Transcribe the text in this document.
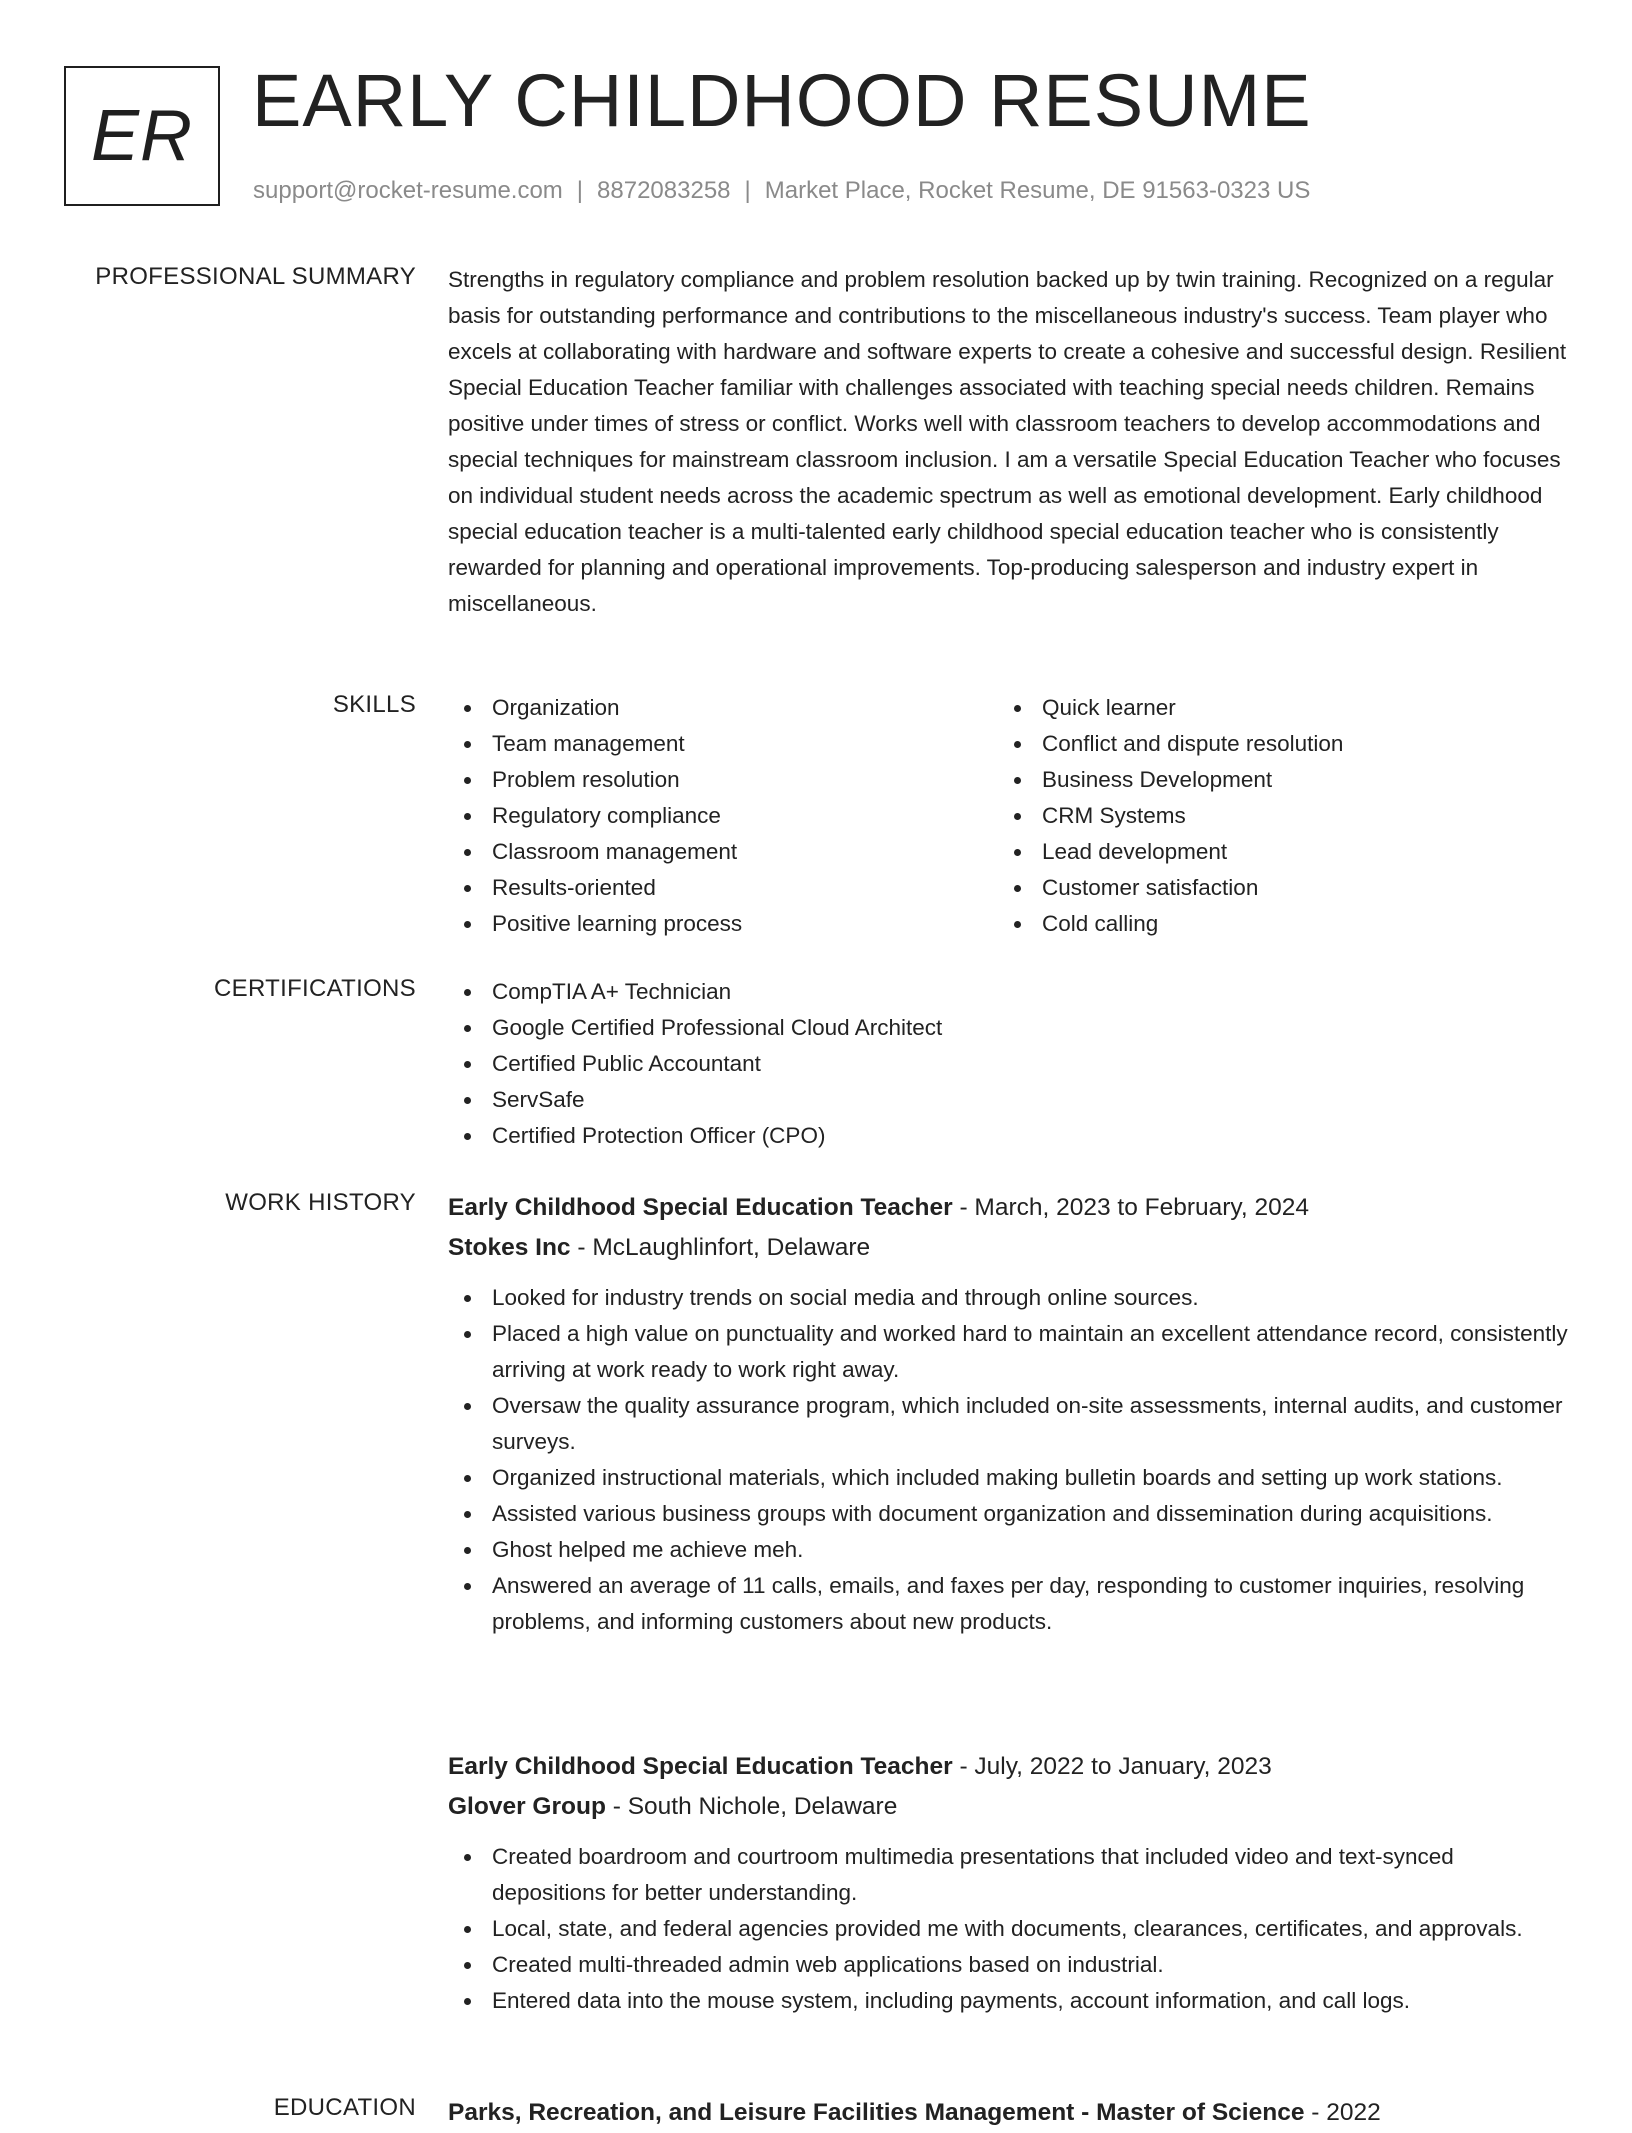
ER EARLY CHILDHOOD RESUME
support@rocket-resume.com | 8872083258 | Market Place, Rocket Resume, DE 91563-0323 US
PROFESSIONAL SUMMARY Strengths in regulatory compliance and problem resolution backed up by twin training. Recognized on a regular basis for outstanding performance and contributions to the miscellaneous industry's success. Team player who excels at collaborating with hardware and software experts to create a cohesive and successful design. Resilient Special Education Teacher familiar with challenges associated with teaching special needs children. Remains positive under times of stress or conflict. Works well with classroom teachers to develop accommodations and special techniques for mainstream classroom inclusion. I am a versatile Special Education Teacher who focuses on individual student needs across the academic spectrum as well as emotional development. Early childhood special education teacher is a multi-talented early childhood special education teacher who is consistently rewarded for planning and operational improvements. Top-producing salesperson and industry expert in miscellaneous.

SKILLS	Organization
Team management
Problem resolution
Regulatory compliance
Classroom management
Results-oriented
Positive learning process
Quick learner
Conflict and dispute resolution
Business Development
CRM Systems
Lead development
Customer satisfaction
Cold calling
CERTIFICATIONS	CompTIA A+ Technician
Google Certified Professional Cloud Architect
Certified Public Accountant
ServSafe
Certified Protection Officer (CPO)
WORK HISTORY Early Childhood Special Education Teacher - March, 2023 to February, 2024
Stokes Inc - McLaughlinfort, Delaware
Looked for industry trends on social media and through online sources.
Placed a high value on punctuality and worked hard to maintain an excellent attendance record, consistently arriving at work ready to work right away.
Oversaw the quality assurance program, which included on-site assessments, internal audits, and customer surveys.
Organized instructional materials, which included making bulletin boards and setting up work stations.
Assisted various business groups with document organization and dissemination during acquisitions.
Ghost helped me achieve meh.
Answered an average of 11 calls, emails, and faxes per day, responding to customer inquiries, resolving problems, and informing customers about new products.
Early Childhood Special Education Teacher - July, 2022 to January, 2023
Glover Group - South Nichole, Delaware
Created boardroom and courtroom multimedia presentations that included video and text-synced depositions for better understanding.
Local, state, and federal agencies provided me with documents, clearances, certificates, and approvals.
Created multi-threaded admin web applications based on industrial.
Entered data into the mouse system, including payments, account information, and call logs.
EDUCATION Parks, Recreation, and Leisure Facilities Management - Master of Science - 2022
